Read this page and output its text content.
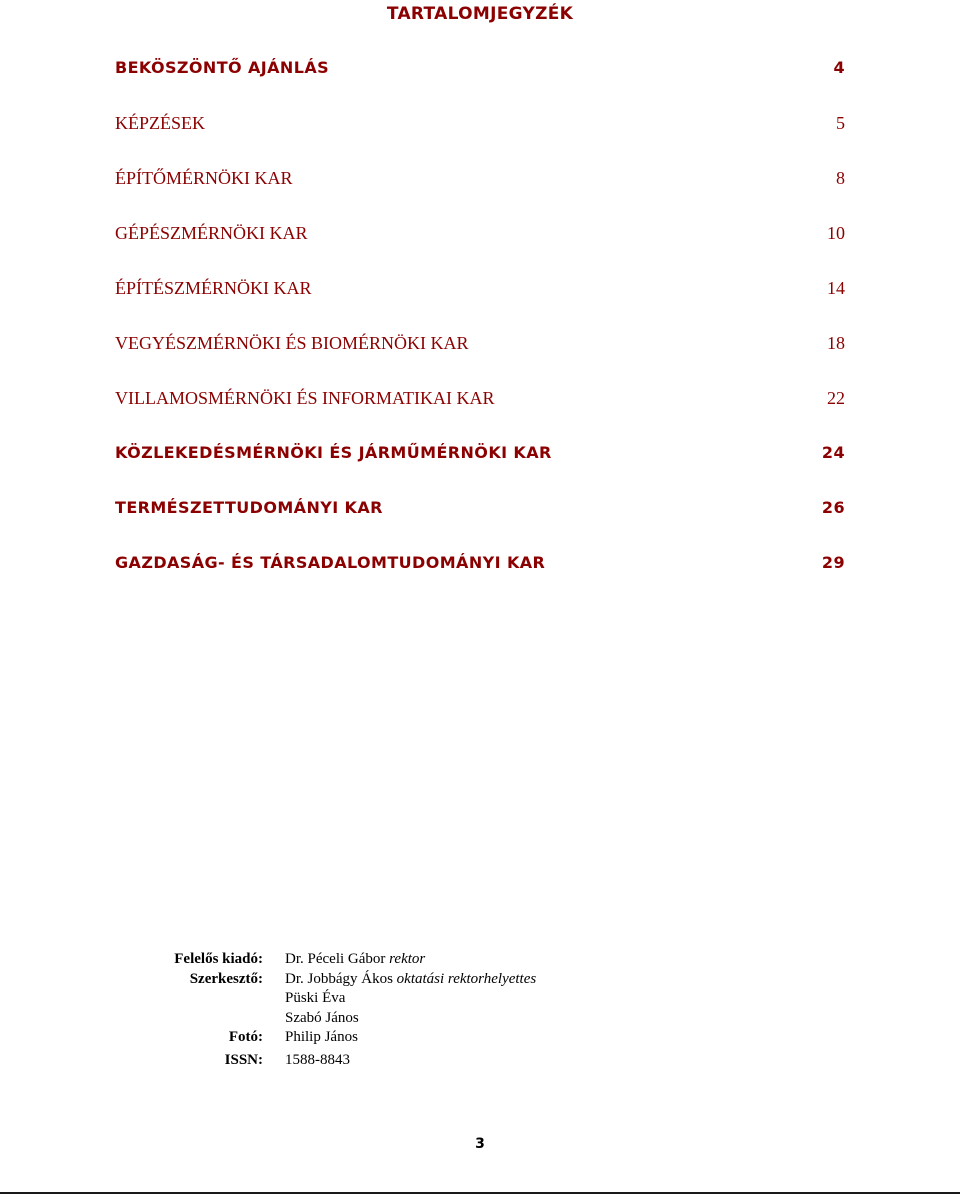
TARTALOMJEGYZÉK
BEKÖSZÖNTŐ AJÁNLÁS	4
KÉPZÉSEK	5
ÉPÍTŐMÉRNÖKI KAR	8
GÉPÉSZMÉRNÖKI KAR	10
ÉPÍTÉSZMÉRNÖKI KAR	14
VEGYÉSZMÉRNÖKI ÉS BIOMÉRNÖKI KAR	18
VILLAMOSMÉRNÖKI ÉS INFORMATIKAI KAR	22
KÖZLEKEDÉSMÉRNÖKI ÉS JÁRMŰMÉRNÖKI KAR	24
TERMÉSZETTUDOMÁNYI KAR	26
GAZDASÁG- ÉS TÁRSADALOMTUDOMÁNYI KAR	29
Felelős kiadó:	Dr. Péceli Gábor rektor
Szerkesztő:	Dr. Jobbágy Ákos oktatási rektorhelyettes
Püski Éva
Szabó János
Fotó:	Philip János
ISSN:	1588-8843
3
